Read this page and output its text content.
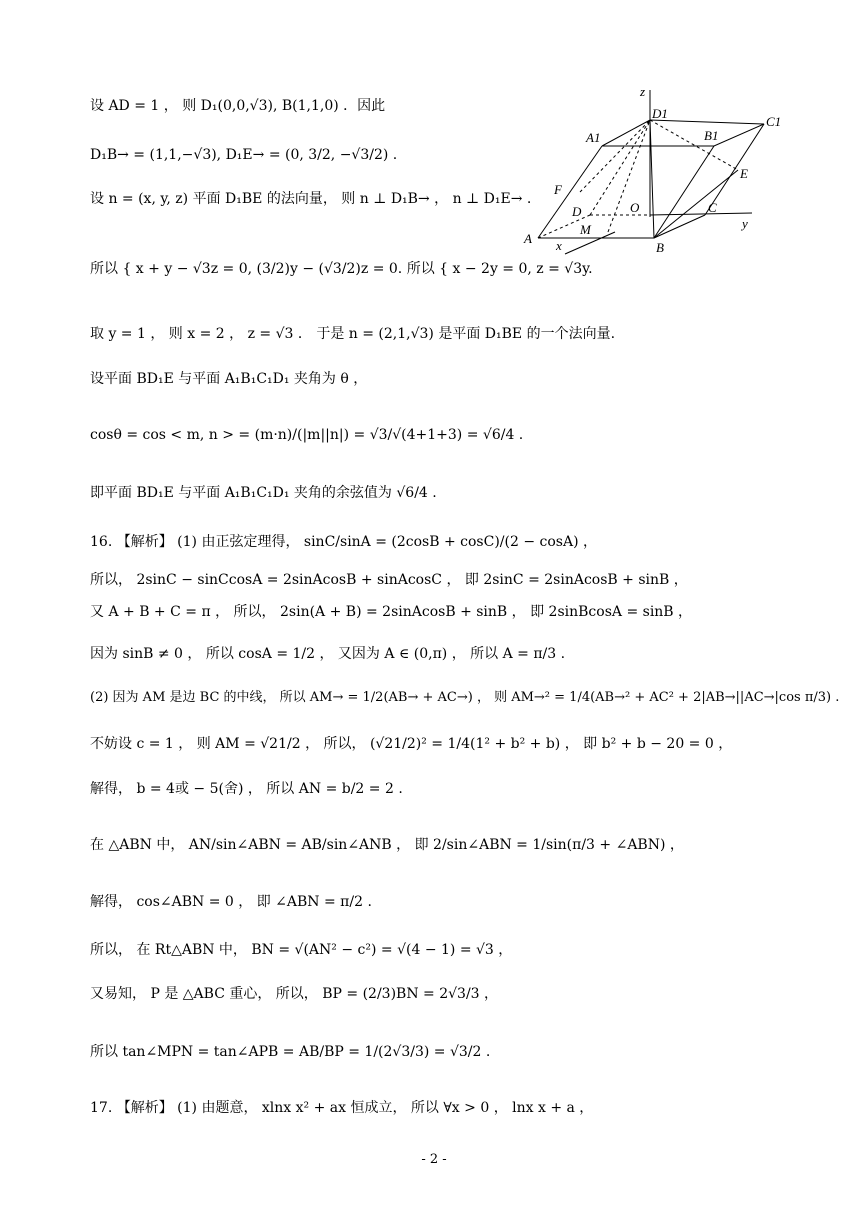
设 AD = 1 ， 则 D₁(0,0,√3), B(1,1,0) ．因此
D₁B→ = (1,1,−√3), D₁E→ = (0, 3/2, −√3/2) .
设 n = (x, y, z) 平面 D₁BE 的法向量， 则 n ⊥ D₁B→ ， n ⊥ D₁E→ .
所以 { x + y − √3z = 0, (3/2)y − (√3/2)z = 0. 所以 { x − 2y = 0, z = √3y.
取 y = 1 ， 则 x = 2 ， z = √3 ． 于是 n = (2,1,√3) 是平面 D₁BE 的一个法向量.
设平面 BD₁E 与平面 A₁B₁C₁D₁ 夹角为 θ ，
cosθ = cos < m, n > = (m·n)/(|m||n|) = √3/√(4+1+3) = √6/4 .
即平面 BD₁E 与平面 A₁B₁C₁D₁ 夹角的余弦值为 √6/4 .
16. 【解析】 (1) 由正弦定理得， sinC/sinA = (2cosB + cosC)/(2 − cosA) ，
所以， 2sinC − sinCcosA = 2sinAcosB + sinAcosC ， 即 2sinC = 2sinAcosB + sinB ，
又 A + B + C = π ， 所以， 2sin(A + B) = 2sinAcosB + sinB ， 即 2sinBcosA = sinB ，
因为 sinB ≠ 0 ， 所以 cosA = 1/2 ， 又因为 A ∈ (0,π) ， 所以 A = π/3 .
(2) 因为 AM 是边 BC 的中线， 所以 AM→ = 1/2(AB→ + AC→) ， 则 AM→² = 1/4(AB→² + AC² + 2|AB→||AC→|cos π/3) .
不妨设 c = 1 ， 则 AM = √21/2 ， 所以， (√21/2)² = 1/4(1² + b² + b) ， 即 b² + b − 20 = 0 ，
解得， b = 4或 − 5(舍) ， 所以 AN = b/2 = 2 .
在 △ABN 中， AN/sin∠ABN = AB/sin∠ANB ， 即 2/sin∠ABN = 1/sin(π/3 + ∠ABN) ，
解得， cos∠ABN = 0 ， 即 ∠ABN = π/2 .
所以， 在 Rt△ABN 中， BN = √(AN² − c²) = √(4 − 1) = √3 ，
又易知， P 是 △ABC 重心， 所以， BP = (2/3)BN = 2√3/3 ，
所以 tan∠MPN = tan∠APB = AB/BP = 1/(2√3/3) = √3/2 .
17. 【解析】 (1) 由题意， xlnx x² + ax 恒成立， 所以 ∀x > 0 ， lnx x + a ，
z
D1
C1
A1	B1
E
F
D	O	C
y
A
M
x	B
- 2 -
